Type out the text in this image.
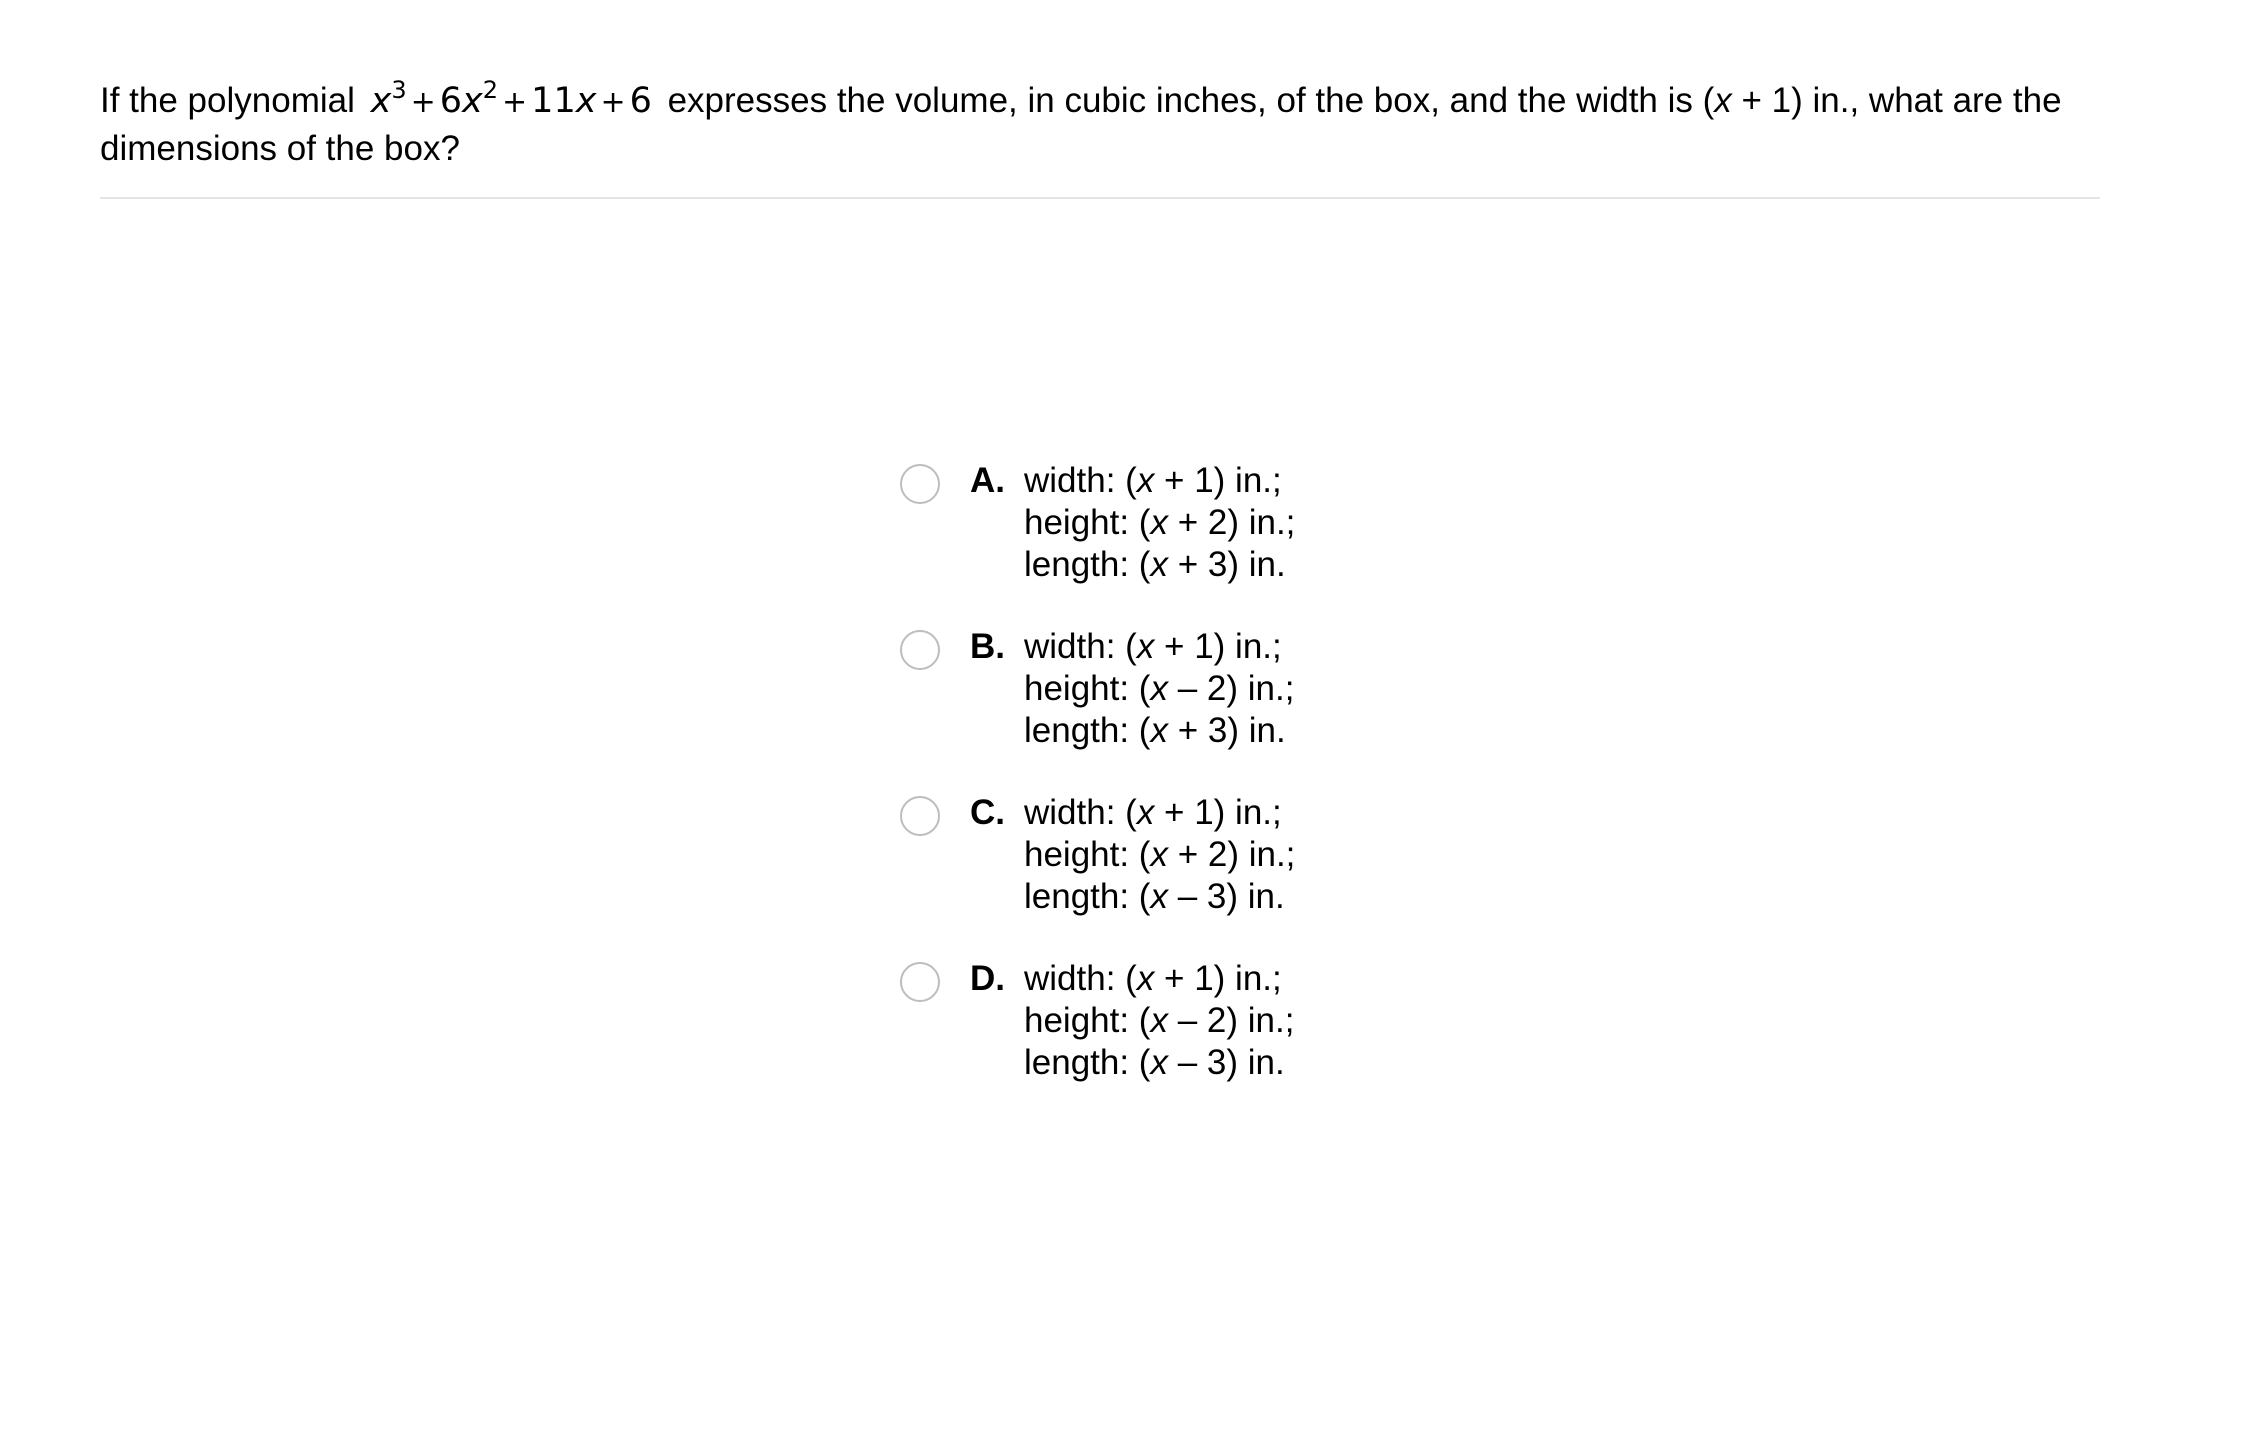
If the polynomial $x^3 + 6x^2 + 11x + 6$ expresses the volume, in cubic inches, of the box, and the width is (x + 1) in., what are the dimensions of the box?
A. width: (x + 1) in.;
height: (x + 2) in.;
length: (x + 3) in.
B. width: (x + 1) in.;
height: (x – 2) in.;
length: (x + 3) in.
C. width: (x + 1) in.;
height: (x + 2) in.;
length: (x – 3) in.
D. width: (x + 1) in.;
height: (x – 2) in.;
length: (x – 3) in.
